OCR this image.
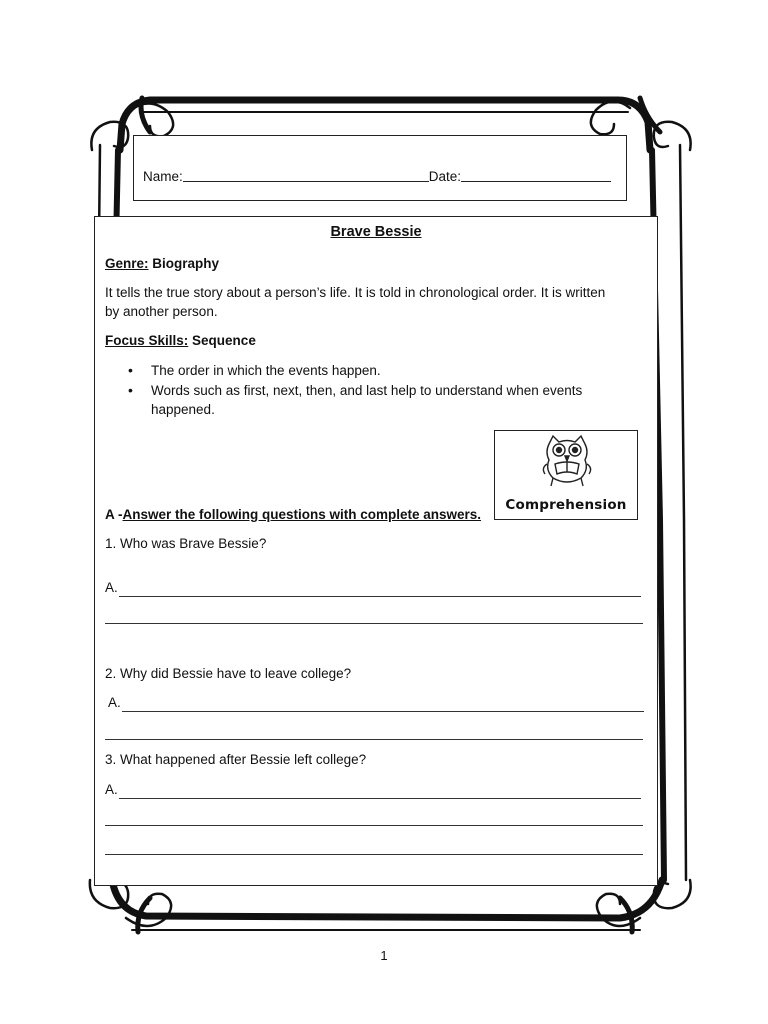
Name:	Date:
Brave Bessie
Genre: Biography
It tells the true story about a person’s life. It is told in chronological order. It is written
by another person.
Focus Skills: Sequence
• The order in which the events happen.
• Words such as first, next, then, and last help to understand when events
happened.
Comprehension
A -Answer the following questions with complete answers.
1. Who was Brave Bessie?
A.
2. Why did Bessie have to leave college?
A.
3. What happened after Bessie left college?
A.
1
